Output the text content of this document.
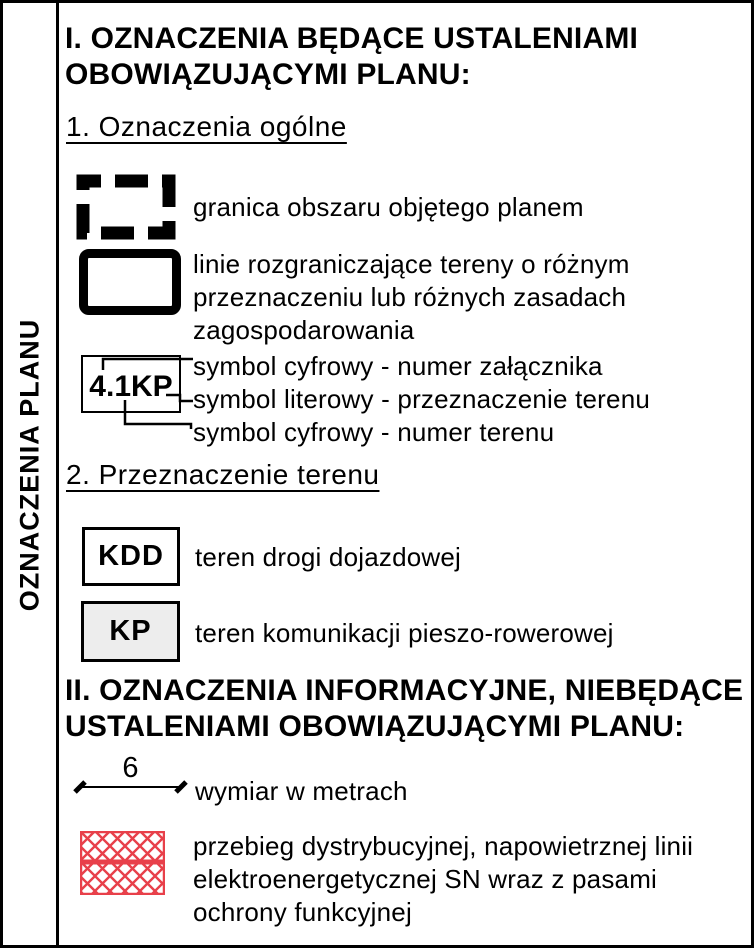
OZNACZENIA PLANU
I. OZNACZENIA BĘDĄCE USTALENIAMI
OBOWIĄZUJĄCYMI PLANU:
1. Oznaczenia ogólne
granica obszaru objętego planem
linie rozgraniczające tereny o różnym
przeznaczeniu lub różnych zasadach
zagospodarowania
4.1KP
symbol cyfrowy - numer załącznika
symbol literowy - przeznaczenie terenu
symbol cyfrowy - numer terenu
2. Przeznaczenie terenu
KDD	teren drogi dojazdowej
KP	teren komunikacji pieszo-rowerowej
II. OZNACZENIA INFORMACYJNE, NIEBĘDĄCE
USTALENIAMI OBOWIĄZUJĄCYMI PLANU:
6
wymiar w metrach
przebieg dystrybucyjnej, napowietrznej linii
elektroenergetycznej SN wraz z pasami
ochrony funkcyjnej
